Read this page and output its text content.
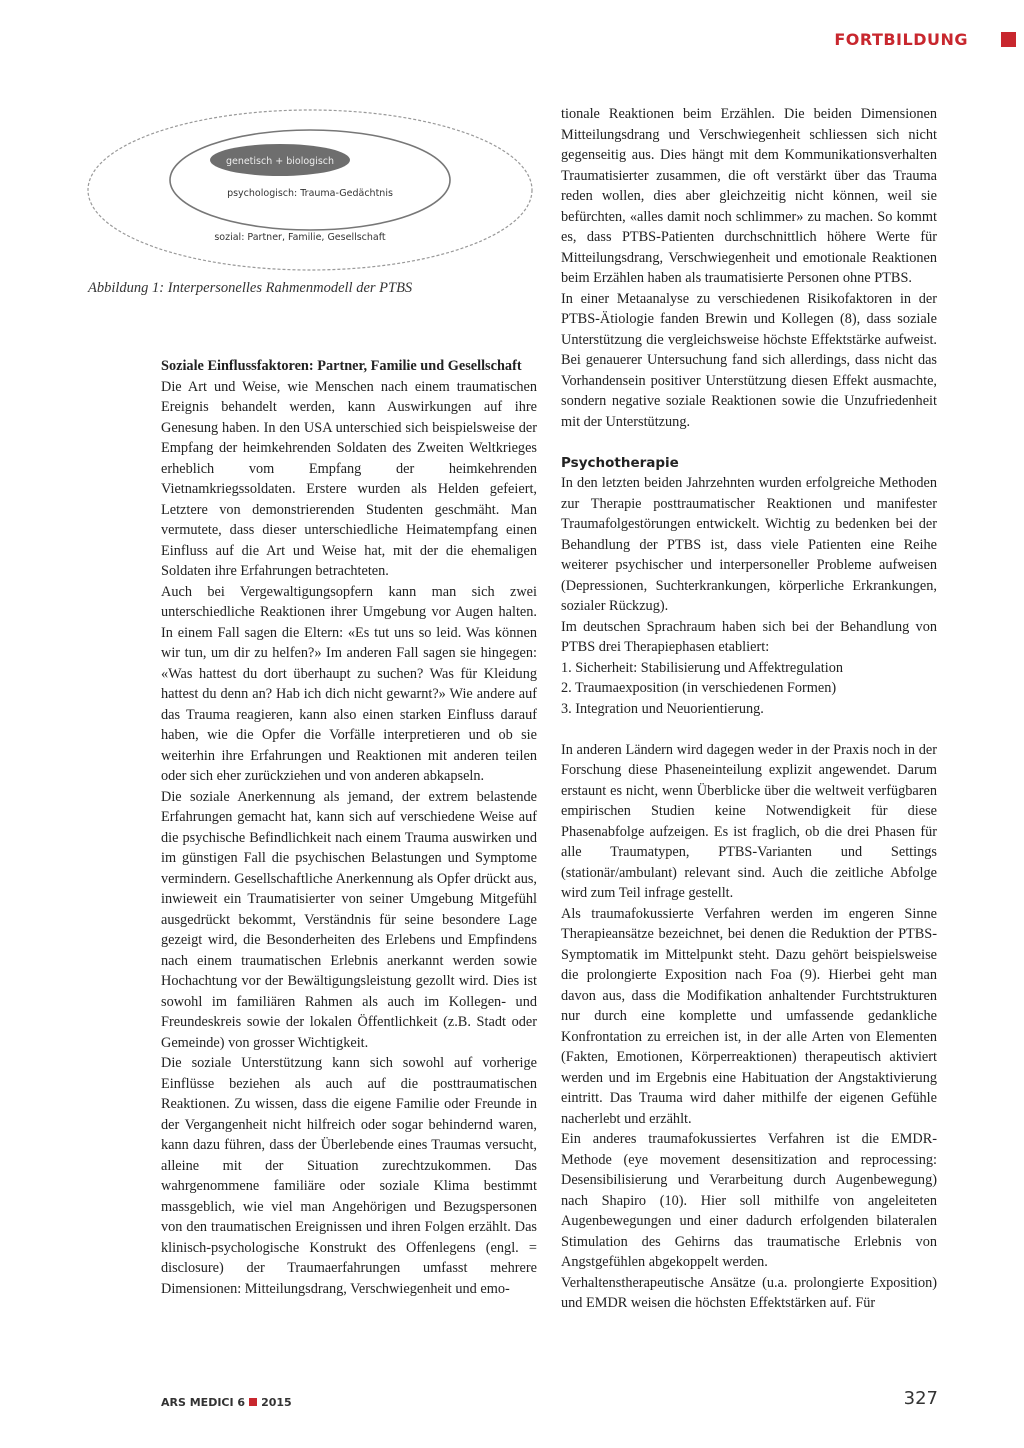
FORTBILDUNG
genetisch + biologisch
psychologisch: Trauma-Gedächtnis
sozial: Partner, Familie, Gesellschaft
Abbildung 1: Interpersonelles Rahmenmodell der PTBS
Soziale Einflussfaktoren: Partner, Familie und Gesellschaft

Die Art und Weise, wie Menschen nach einem traumatischen Ereignis behandelt werden, kann Auswirkungen auf ihre Genesung haben. In den USA unterschied sich beispielsweise der Empfang der heimkehrenden Soldaten des Zweiten Weltkrieges erheblich vom Empfang der heimkehrenden Vietnamkriegssoldaten. Erstere wurden als Helden gefeiert, Letztere von demonstrierenden Studenten geschmäht. Man vermutete, dass dieser unterschiedliche Heimatempfang einen Einfluss auf die Art und Weise hat, mit der die ehemaligen Soldaten ihre Erfahrungen betrachteten.

Auch bei Vergewaltigungsopfern kann man sich zwei unterschiedliche Reaktionen ihrer Umgebung vor Augen halten. In einem Fall sagen die Eltern: «Es tut uns so leid. Was können wir tun, um dir zu helfen?» Im anderen Fall sagen sie hingegen: «Was hattest du dort überhaupt zu suchen? Was für Kleidung hattest du denn an? Hab ich dich nicht gewarnt?» Wie andere auf das Trauma reagieren, kann also einen starken Einfluss darauf haben, wie die Opfer die Vorfälle interpretieren und ob sie weiterhin ihre Erfahrungen und Reaktionen mit anderen teilen oder sich eher zurückziehen und von anderen abkapseln.

Die soziale Anerkennung als jemand, der extrem belastende Erfahrungen gemacht hat, kann sich auf verschiedene Weise auf die psychische Befindlichkeit nach einem Trauma auswirken und im günstigen Fall die psychischen Belastungen und Symptome vermindern. Gesellschaftliche Anerkennung als Opfer drückt aus, inwieweit ein Traumatisierter von seiner Umgebung Mitgefühl ausgedrückt bekommt, Verständnis für seine besondere Lage gezeigt wird, die Besonderheiten des Erlebens und Empfindens nach einem traumatischen Erlebnis anerkannt werden sowie Hochachtung vor der Bewältigungsleistung gezollt wird. Dies ist sowohl im familiären Rahmen als auch im Kollegen- und Freundeskreis sowie der lokalen Öffentlichkeit (z.B. Stadt oder Gemeinde) von grosser Wichtigkeit.

Die soziale Unterstützung kann sich sowohl auf vorherige Einflüsse beziehen als auch auf die posttraumatischen Reaktionen. Zu wissen, dass die eigene Familie oder Freunde in der Vergangenheit nicht hilfreich oder sogar behindernd waren, kann dazu führen, dass der Überlebende eines Traumas versucht, alleine mit der Situation zurechtzukommen. Das wahrgenommene familiäre oder soziale Klima bestimmt massgeblich, wie viel man Angehörigen und Bezugspersonen von den traumatischen Ereignissen und ihren Folgen erzählt. Das klinisch-psychologische Konstrukt des Offenlegens (engl. = disclosure) der Traumaerfahrungen umfasst mehrere Dimensionen: Mitteilungsdrang, Verschwiegenheit und emo-

tionale Reaktionen beim Erzählen. Die beiden Dimensionen Mitteilungsdrang und Verschwiegenheit schliessen sich nicht gegenseitig aus. Dies hängt mit dem Kommunikationsverhalten Traumatisierter zusammen, die oft verstärkt über das Trauma reden wollen, dies aber gleichzeitig nicht können, weil sie befürchten, «alles damit noch schlimmer» zu machen. So kommt es, dass PTBS-Patienten durchschnittlich höhere Werte für Mitteilungsdrang, Verschwiegenheit und emotionale Reaktionen beim Erzählen haben als traumatisierte Personen ohne PTBS.

In einer Metaanalyse zu verschiedenen Risikofaktoren in der PTBS-Ätiologie fanden Brewin und Kollegen (8), dass soziale Unterstützung die vergleichsweise höchste Effektstärke aufweist. Bei genauerer Untersuchung fand sich allerdings, dass nicht das Vorhandensein positiver Unterstützung diesen Effekt ausmachte, sondern negative soziale Reaktionen sowie die Unzufriedenheit mit der Unterstützung.

Psychotherapie

In den letzten beiden Jahrzehnten wurden erfolgreiche Methoden zur Therapie posttraumatischer Reaktionen und manifester Traumafolgestörungen entwickelt. Wichtig zu bedenken bei der Behandlung der PTBS ist, dass viele Patienten eine Reihe weiterer psychischer und interpersoneller Probleme aufweisen (Depressionen, Suchterkrankungen, körperliche Erkrankungen, sozialer Rückzug).

Im deutschen Sprachraum haben sich bei der Behandlung von PTBS drei Therapiephasen etabliert:

1. Sicherheit: Stabilisierung und Affektregulation
2. Traumaexposition (in verschiedenen Formen)
3. Integration und Neuorientierung.

In anderen Ländern wird dagegen weder in der Praxis noch in der Forschung diese Phaseneinteilung explizit angewendet. Darum erstaunt es nicht, wenn Überblicke über die weltweit verfügbaren empirischen Studien keine Notwendigkeit für diese Phasenabfolge aufzeigen. Es ist fraglich, ob die drei Phasen für alle Traumatypen, PTBS-Varianten und Settings (stationär/ambulant) relevant sind. Auch die zeitliche Abfolge wird zum Teil infrage gestellt.

Als traumafokussierte Verfahren werden im engeren Sinne Therapieansätze bezeichnet, bei denen die Reduktion der PTBS-Symptomatik im Mittelpunkt steht. Dazu gehört beispielsweise die prolongierte Exposition nach Foa (9). Hierbei geht man davon aus, dass die Modifikation anhaltender Furchtstrukturen nur durch eine komplette und umfassende gedankliche Konfrontation zu erreichen ist, in der alle Arten von Elementen (Fakten, Emotionen, Körperreaktionen) therapeutisch aktiviert werden und im Ergebnis eine Habituation der Angstaktivierung eintritt. Das Trauma wird daher mithilfe der eigenen Gefühle nacherlebt und erzählt.

Ein anderes traumafokussiertes Verfahren ist die EMDR-Methode (eye movement desensitization and reprocessing: Desensibilisierung und Verarbeitung durch Augenbewegung) nach Shapiro (10). Hier soll mithilfe von angeleiteten Augenbewegungen und einer dadurch erfolgenden bilateralen Stimulation des Gehirns das traumatische Erlebnis von Angstgefühlen abgekoppelt werden.

Verhaltenstherapeutische Ansätze (u.a. prolongierte Exposition) und EMDR weisen die höchsten Effektstärken auf. Für

ARS MEDICI 6 2015	327
